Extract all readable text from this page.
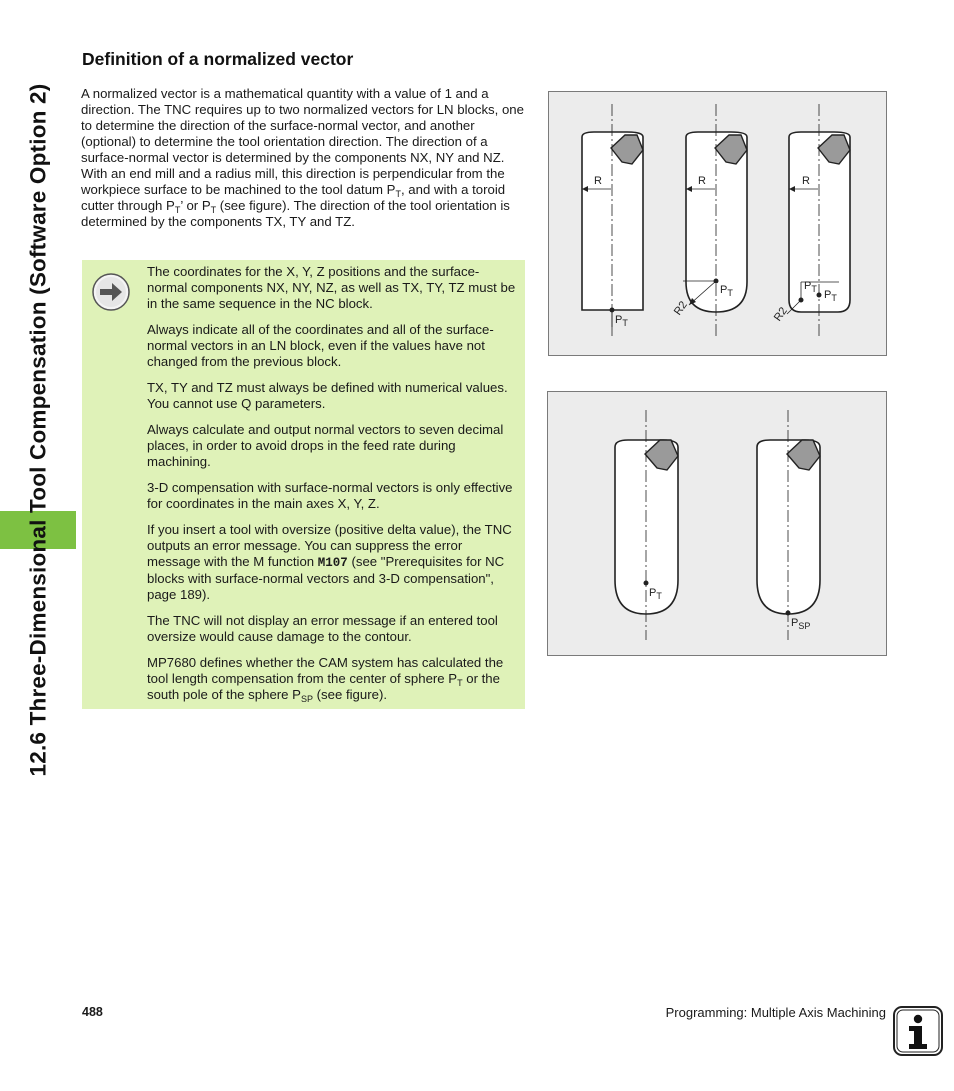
12.6 Three-Dimensional Tool Compensation (Software Option 2)
Definition of a normalized vector

A normalized vector is a mathematical quantity with a value of 1 and a direction. The TNC requires up to two normalized vectors for LN blocks, one to determine the direction of the surface-normal vector, and another (optional) to determine the tool orientation direction. The direction of a surface-normal vector is determined by the components NX, NY and NZ. With an end mill and a radius mill, this direction is perpendicular from the workpiece surface to be machined to the tool datum $P_T$, and with a toroid cutter through $P_T$’ or $P_T$ (see figure). The direction of the tool orientation is determined by the components TX, TY and TZ.

The coordinates for the X, Y, Z positions and the surface-normal components NX, NY, NZ, as well as TX, TY, TZ must be in the same sequence in the NC block.

Always indicate all of the coordinates and all of the surface-normal vectors in an LN block, even if the values have not changed from the previous block.

TX, TY and TZ must always be defined with numerical values. You cannot use Q parameters.

Always calculate and output normal vectors to seven decimal places, in order to avoid drops in the feed rate during machining.

3-D compensation with surface-normal vectors is only effective for coordinates in the main axes X, Y, Z.

If you insert a tool with oversize (positive delta value), the TNC outputs an error message. You can suppress the error message with the M function M107 (see "Prerequisites for NC blocks with surface-normal vectors and 3-D compensation", page 189).

The TNC will not display an error message if an entered tool oversize would cause damage to the contour.

MP7680 defines whether the CAM system has calculated the tool length compensation from the center of sphere $P_T$ or the south pole of the sphere $P_{SP}$ (see figure).

R
$P_T$
R
R2
$P_T$
R
R2
$P_T$ $P_T$
$P_T$
$P_{SP}$
488	Programming: Multiple Axis Machining
